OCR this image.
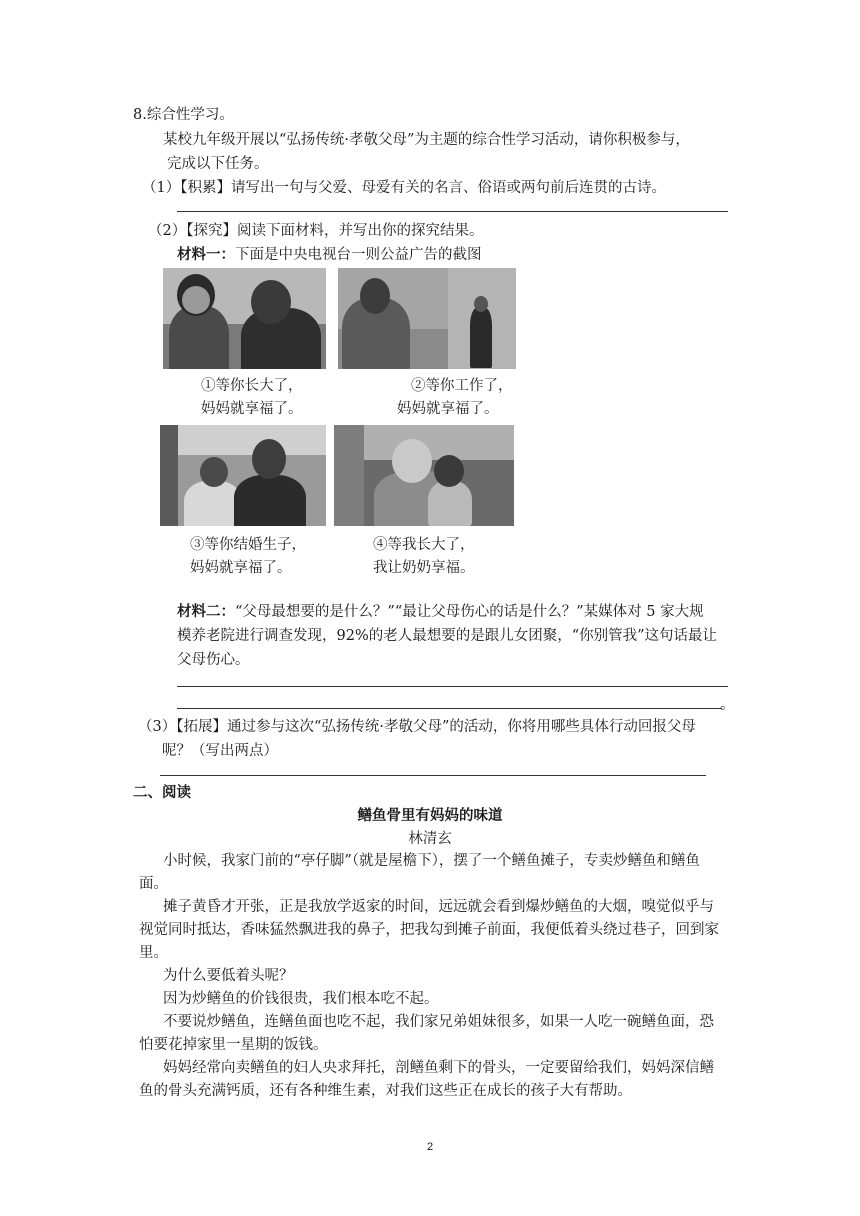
8.综合性学习。
某校九年级开展以“弘扬传统·孝敬父母”为主题的综合性学习活动，请你积极参与，
完成以下任务。
（1）【积累】请写出一句与父爱、母爱有关的名言、俗语或两句前后连贯的古诗。
（2）【探究】阅读下面材料，并写出你的探究结果。
材料一：下面是中央电视台一则公益广告的截图
①等你长大了，
妈妈就享福了。
②等你工作了，
妈妈就享福了。
③等你结婚生子，
妈妈就享福了。
④等我长大了，
我让奶奶享福。
材料二：“父母最想要的是什么？”“最让父母伤心的话是什么？”某媒体对 5 家大规
模养老院进行调查发现，92%的老人最想要的是跟儿女团聚，“你别管我”这句话最让
父母伤心。
。
（3）【拓展】通过参与这次“弘扬传统·孝敬父母”的活动，你将用哪些具体行动回报父母
呢？（写出两点）
二、阅读
鳝鱼骨里有妈妈的味道
林清玄
小时候，我家门前的“亭仔脚”（就是屋檐下），摆了一个鳝鱼摊子，专卖炒鳝鱼和鳝鱼
面。
摊子黄昏才开张，正是我放学返家的时间，远远就会看到爆炒鳝鱼的大烟，嗅觉似乎与
视觉同时抵达，香味猛然飘进我的鼻子，把我勾到摊子前面，我便低着头绕过巷子，回到家
里。
为什么要低着头呢？
因为炒鳝鱼的价钱很贵，我们根本吃不起。
不要说炒鳝鱼，连鳝鱼面也吃不起，我们家兄弟姐妹很多，如果一人吃一碗鳝鱼面，恐
怕要花掉家里一星期的饭钱。
妈妈经常向卖鳝鱼的妇人央求拜托，剖鳝鱼剩下的骨头，一定要留给我们，妈妈深信鳝
鱼的骨头充满钙质，还有各种维生素，对我们这些正在成长的孩子大有帮助。
2
